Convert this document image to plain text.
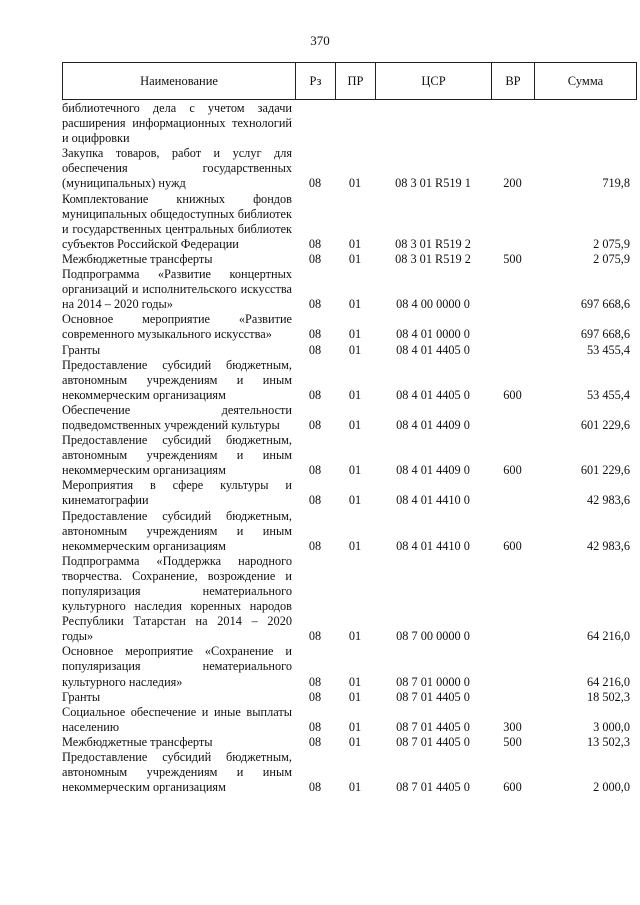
370
Наименование	Рз	ПР	ЦСР	ВР	Сумма
библиотечного дела с учетом задачи расширения информационных технологий и оцифровки					
Закупка товаров, работ и услуг для обеспечения государственных (муниципальных) нужд	08	01	08 3 01 R519 1	200	719,8
Комплектование книжных фондов муниципальных общедоступных библиотек и государственных центральных библиотек субъектов Российской Федерации	08	01	08 3 01 R519 2		2 075,9
Межбюджетные трансферты	08	01	08 3 01 R519 2	500	2 075,9
Подпрограмма «Развитие концертных организаций и исполнительского искусства на 2014 – 2020 годы»	08	01	08 4 00 0000 0		697 668,6
Основное мероприятие «Развитие современного музыкального искусства»	08	01	08 4 01 0000 0		697 668,6
Гранты	08	01	08 4 01 4405 0		53 455,4
Предоставление субсидий бюджетным, автономным учреждениям и иным некоммерческим организациям	08	01	08 4 01 4405 0	600	53 455,4
Обеспечение деятельности подведомственных учреждений культуры	08	01	08 4 01 4409 0		601 229,6
Предоставление субсидий бюджетным, автономным учреждениям и иным некоммерческим организациям	08	01	08 4 01 4409 0	600	601 229,6
Мероприятия в сфере культуры и кинематографии	08	01	08 4 01 4410 0		42 983,6
Предоставление субсидий бюджетным, автономным учреждениям и иным некоммерческим организациям	08	01	08 4 01 4410 0	600	42 983,6
Подпрограмма «Поддержка народного творчества. Сохранение, возрождение и популяризация нематериального культурного наследия коренных народов Республики Татарстан на 2014 – 2020 годы»	08	01	08 7 00 0000 0		64 216,0
Основное мероприятие «Сохранение и популяризация нематериального культурного наследия»	08	01	08 7 01 0000 0		64 216,0
Гранты	08	01	08 7 01 4405 0		18 502,3
Социальное обеспечение и иные выплаты населению	08	01	08 7 01 4405 0	300	3 000,0
Межбюджетные трансферты	08	01	08 7 01 4405 0	500	13 502,3
Предоставление субсидий бюджетным, автономным учреждениям и иным некоммерческим организациям	08	01	08 7 01 4405 0	600	2 000,0
